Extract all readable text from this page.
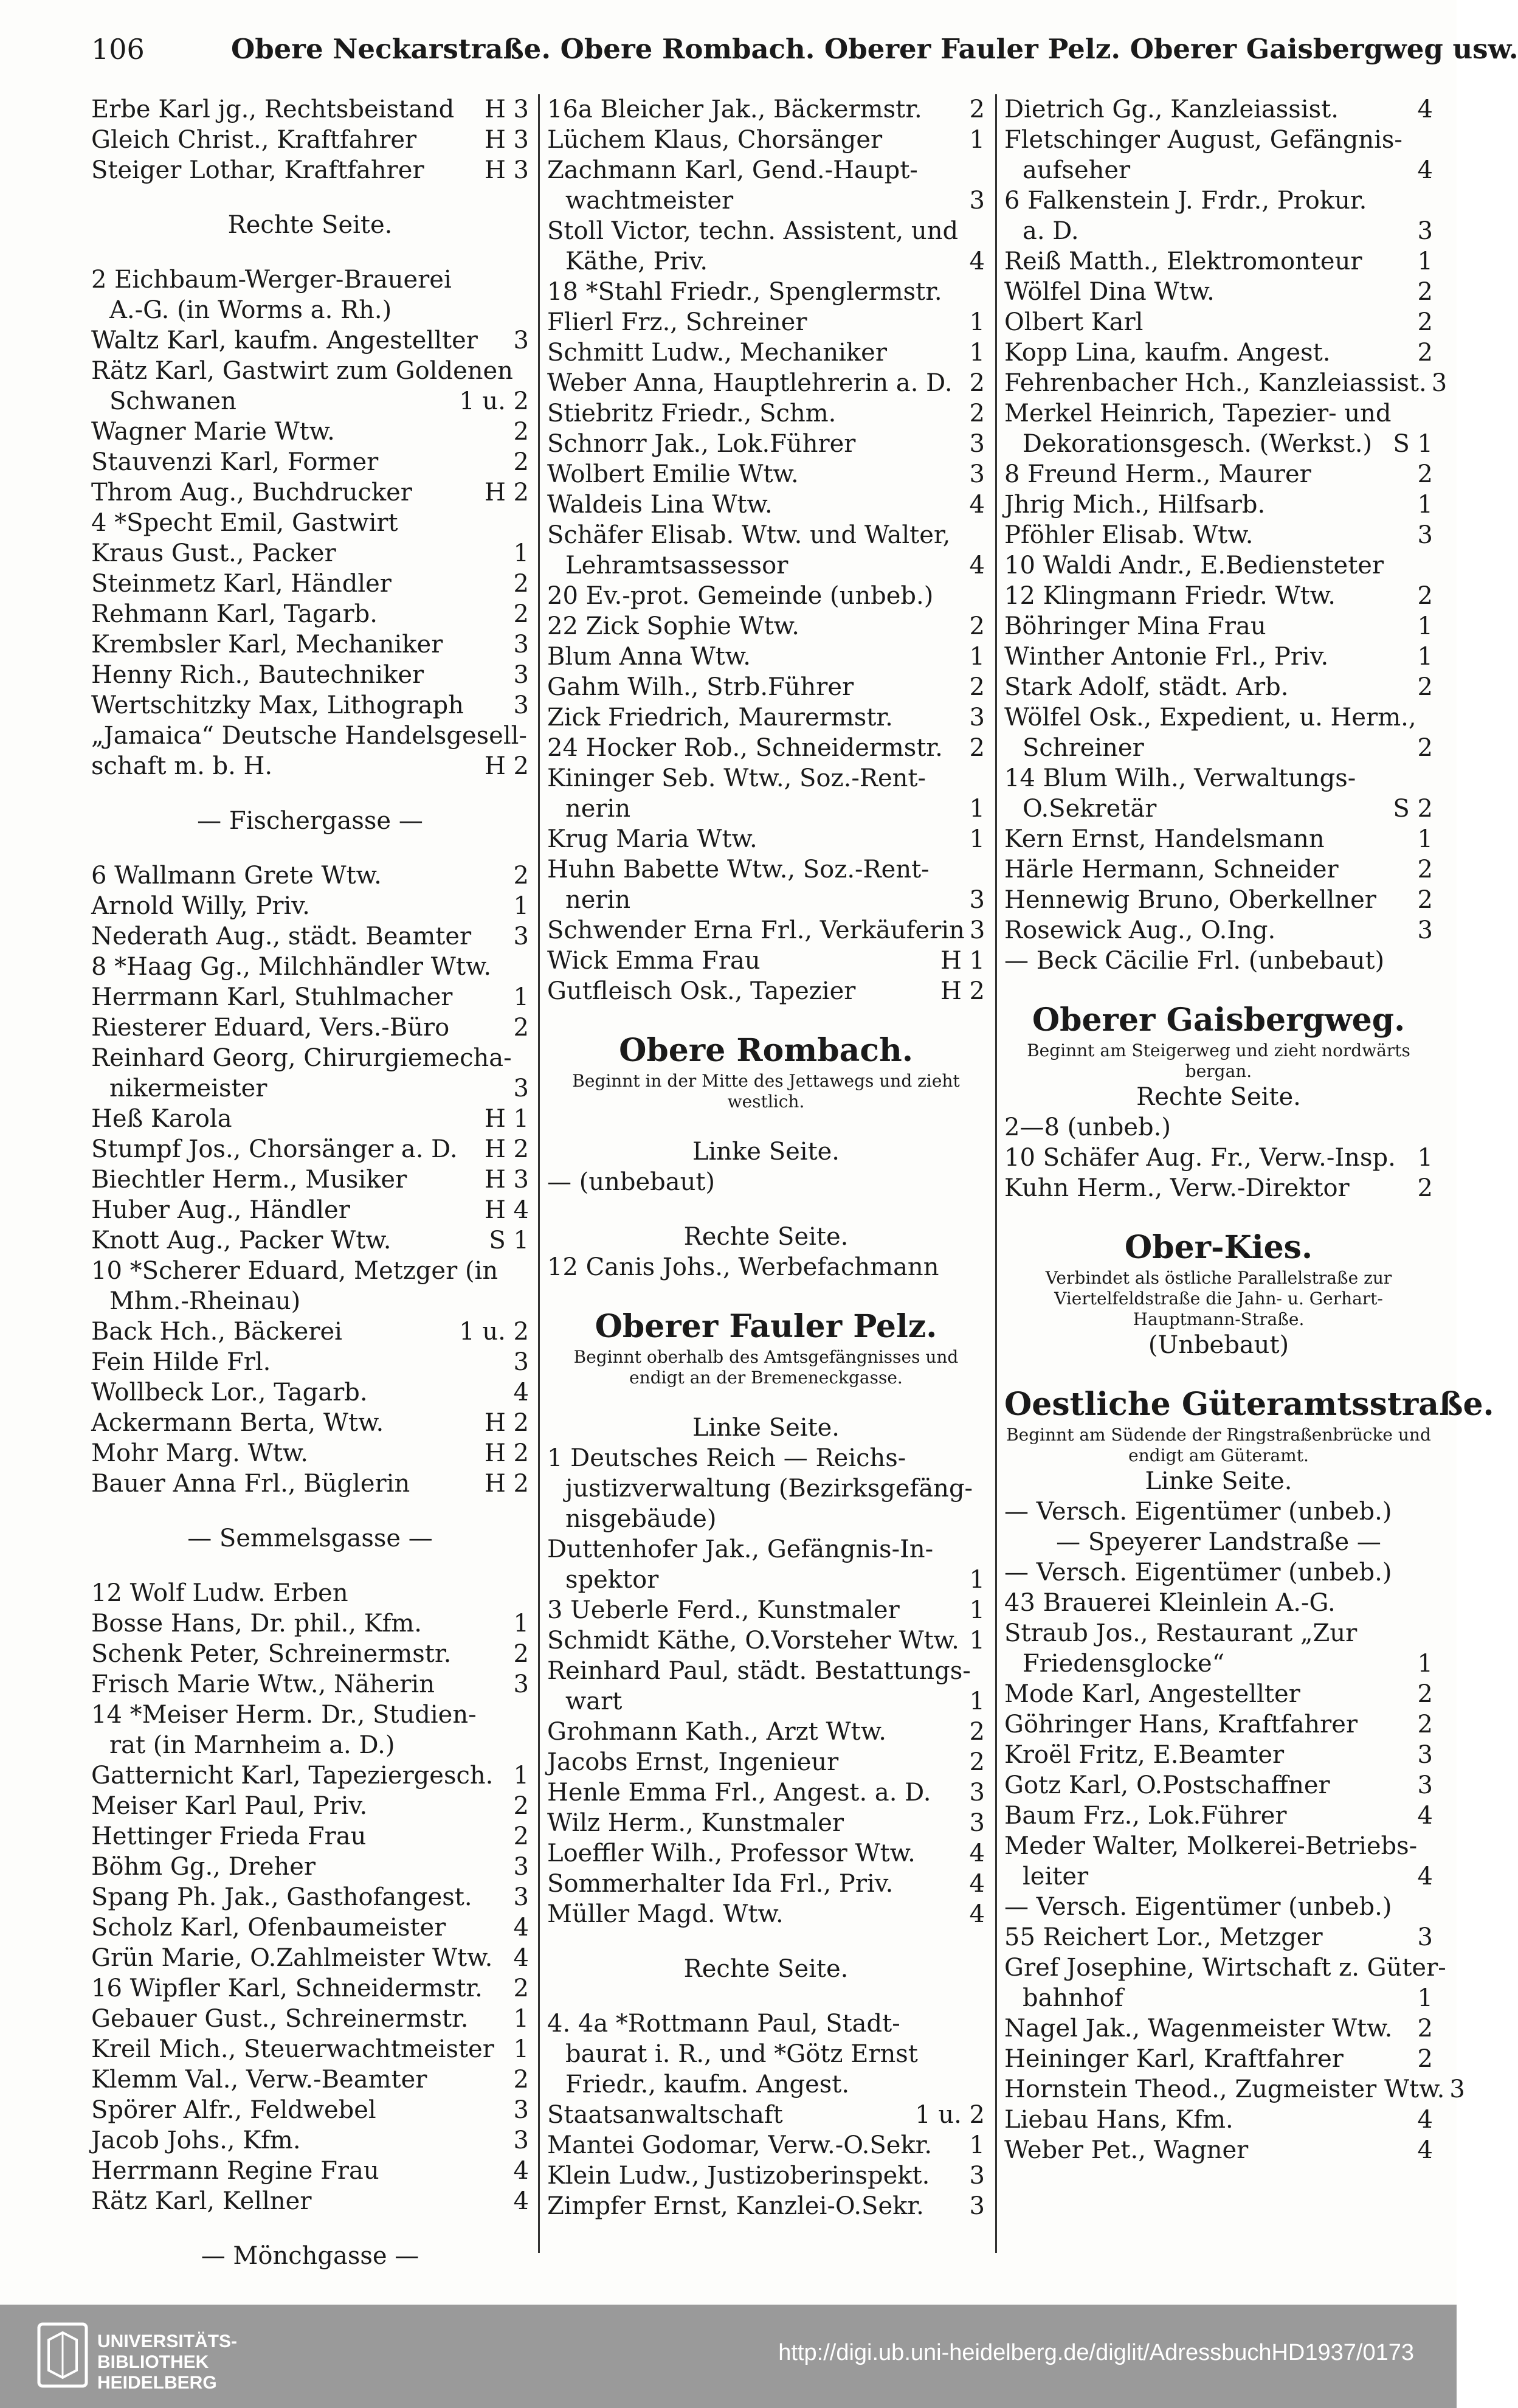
106	Obere Neckarstraße. Obere Rombach. Oberer Fauler Pelz. Oberer Gaisbergweg usw.
Erbe Karl jg., Rechtsbeistand	H 3
Gleich Christ., Kraftfahrer	H 3
Steiger Lothar, Kraftfahrer	H 3
Rechte Seite.
2 Eichbaum-Werger-Brauerei
A.-G. (in Worms a. Rh.)
Waltz Karl, kaufm. Angestellter	3
Rätz Karl, Gastwirt zum Goldenen
Schwanen	1 u. 2
Wagner Marie Wtw.	2
Stauvenzi Karl, Former	2
Throm Aug., Buchdrucker	H 2
4 *Specht Emil, Gastwirt
Kraus Gust., Packer	1
Steinmetz Karl, Händler	2
Rehmann Karl, Tagarb.	2
Krembsler Karl, Mechaniker	3
Henny Rich., Bautechniker	3
Wertschitzky Max, Lithograph	3
„Jamaica“ Deutsche Handelsgesell-
schaft m. b. H.	H 2
— Fischergasse —
6 Wallmann Grete Wtw.	2
Arnold Willy, Priv.	1
Nederath Aug., städt. Beamter	3
8 *Haag Gg., Milchhändler Wtw.
Herrmann Karl, Stuhlmacher	1
Riesterer Eduard, Vers.-Büro	2
Reinhard Georg, Chirurgiemecha-
nikermeister	3
Heß Karola	H 1
Stumpf Jos., Chorsänger a. D.	H 2
Biechtler Herm., Musiker	H 3
Huber Aug., Händler	H 4
Knott Aug., Packer Wtw.	S 1
10 *Scherer Eduard, Metzger (in
Mhm.-Rheinau)
Back Hch., Bäckerei	1 u. 2
Fein Hilde Frl.	3
Wollbeck Lor., Tagarb.	4
Ackermann Berta, Wtw.	H 2
Mohr Marg. Wtw.	H 2
Bauer Anna Frl., Büglerin	H 2
— Semmelsgasse —
12 Wolf Ludw. Erben
Bosse Hans, Dr. phil., Kfm.	1
Schenk Peter, Schreinermstr.	2
Frisch Marie Wtw., Näherin	3
14 *Meiser Herm. Dr., Studien-
rat (in Marnheim a. D.)
Gatternicht Karl, Tapeziergesch. 1
Meiser Karl Paul, Priv.	2
Hettinger Frieda Frau	2
Böhm Gg., Dreher	3
Spang Ph. Jak., Gasthofangest.	3
Scholz Karl, Ofenbaumeister	4
Grün Marie, O.Zahlmeister Wtw. 4
16 Wipfler Karl, Schneidermstr.	2
Gebauer Gust., Schreinermstr.	1
Kreil Mich., Steuerwachtmeister 1
Klemm Val., Verw.-Beamter	2
Spörer Alfr., Feldwebel	3
Jacob Johs., Kfm.	3
Herrmann Regine Frau	4
Rätz Karl, Kellner	4
— Mönchgasse —
16a Bleicher Jak., Bäckermstr.	2
Lüchem Klaus, Chorsänger	1
Zachmann Karl, Gend.-Haupt-
wachtmeister	3
Stoll Victor, techn. Assistent, und
Käthe, Priv.	4
18 *Stahl Friedr., Spenglermstr.
Flierl Frz., Schreiner	1
Schmitt Ludw., Mechaniker	1
Weber Anna, Hauptlehrerin a. D. 2
Stiebritz Friedr., Schm.	2
Schnorr Jak., Lok.Führer	3
Wolbert Emilie Wtw.	3
Waldeis Lina Wtw.	4
Schäfer Elisab. Wtw. und Walter,
Lehramtsassessor	4
20 Ev.-prot. Gemeinde (unbeb.)
22 Zick Sophie Wtw.	2
Blum Anna Wtw.	1
Gahm Wilh., Strb.Führer	2
Zick Friedrich, Maurermstr.	3
24 Hocker Rob., Schneidermstr.	2
Kininger Seb. Wtw., Soz.-Rent-
nerin	1
Krug Maria Wtw.	1
Huhn Babette Wtw., Soz.-Rent-
nerin	3
Schwender Erna Frl., Verkäuferin 3
Wick Emma Frau	H 1
Gutfleisch Osk., Tapezier	H 2
Obere Rombach.
Beginnt in der Mitte des Jettawegs und zieht westlich.
Linke Seite.
— (unbebaut)
Rechte Seite.
12 Canis Johs., Werbefachmann
Oberer Fauler Pelz.
Beginnt oberhalb des Amtsgefängnisses und endigt an der Bremeneckgasse.
Linke Seite.
1 Deutsches Reich — Reichs-
justizverwaltung (Bezirksgefäng-
nisgebäude)
Duttenhofer Jak., Gefängnis-In-
spektor	1
3 Ueberle Ferd., Kunstmaler	1
Schmidt Käthe, O.Vorsteher Wtw. 1
Reinhard Paul, städt. Bestattungs-
wart	1
Grohmann Kath., Arzt Wtw.	2
Jacobs Ernst, Ingenieur	2
Henle Emma Frl., Angest. a. D.	3
Wilz Herm., Kunstmaler	3
Loeffler Wilh., Professor Wtw.	4
Sommerhalter Ida Frl., Priv.	4
Müller Magd. Wtw.	4
Rechte Seite.
4. 4a *Rottmann Paul, Stadt-
baurat i. R., und *Götz Ernst
Friedr., kaufm. Angest.
Staatsanwaltschaft	1 u. 2
Mantei Godomar, Verw.-O.Sekr.	1
Klein Ludw., Justizoberinspekt.	3
Zimpfer Ernst, Kanzlei-O.Sekr.	3
Dietrich Gg., Kanzleiassist.	4
Fletschinger August, Gefängnis-
aufseher	4
6 Falkenstein J. Frdr., Prokur.
a. D.	3
Reiß Matth., Elektromonteur	1
Wölfel Dina Wtw.	2
Olbert Karl	2
Kopp Lina, kaufm. Angest.	2
Fehrenbacher Hch., Kanzleiassist. 3
Merkel Heinrich, Tapezier- und
Dekorationsgesch. (Werkst.) S 1
8 Freund Herm., Maurer	2
Jhrig Mich., Hilfsarb.	1
Pföhler Elisab. Wtw.	3
10 Waldi Andr., E.Bediensteter
12 Klingmann Friedr. Wtw.	2
Böhringer Mina Frau	1
Winther Antonie Frl., Priv.	1
Stark Adolf, städt. Arb.	2
Wölfel Osk., Expedient, u. Herm.,
Schreiner	2
14 Blum Wilh., Verwaltungs-
O.Sekretär	S 2
Kern Ernst, Handelsmann	1
Härle Hermann, Schneider	2
Hennewig Bruno, Oberkellner	2
Rosewick Aug., O.Ing.	3
— Beck Cäcilie Frl. (unbebaut)
Oberer Gaisbergweg.
Beginnt am Steigerweg und zieht nordwärts bergan.
Rechte Seite.
2—8 (unbeb.)
10 Schäfer Aug. Fr., Verw.-Insp. 1
Kuhn Herm., Verw.-Direktor	2
Ober-Kies.
Verbindet als östliche Parallelstraße zur Viertelfeldstraße die Jahn- u. Gerhart-Hauptmann-Straße.
(Unbebaut)
Oestliche Güteramtsstraße.
Beginnt am Südende der Ringstraßenbrücke und endigt am Güteramt.
Linke Seite.
— Versch. Eigentümer (unbeb.)
— Speyerer Landstraße —
— Versch. Eigentümer (unbeb.)
43 Brauerei Kleinlein A.-G.
Straub Jos., Restaurant „Zur
Friedensglocke“	1
Mode Karl, Angestellter	2
Göhringer Hans, Kraftfahrer	2
Kroël Fritz, E.Beamter	3
Gotz Karl, O.Postschaffner	3
Baum Frz., Lok.Führer	4
Meder Walter, Molkerei-Betriebs-
leiter	4
— Versch. Eigentümer (unbeb.)
55 Reichert Lor., Metzger	3
Gref Josephine, Wirtschaft z. Güter-
bahnhof	1
Nagel Jak., Wagenmeister Wtw.	2
Heininger Karl, Kraftfahrer	2
Hornstein Theod., Zugmeister Wtw. 3
Liebau Hans, Kfm.	4
Weber Pet., Wagner	4
UNIVERSITÄTS-
BIBLIOTHEK
HEIDELBERG
http://digi.ub.uni-heidelberg.de/diglit/AdressbuchHD1937/0173
